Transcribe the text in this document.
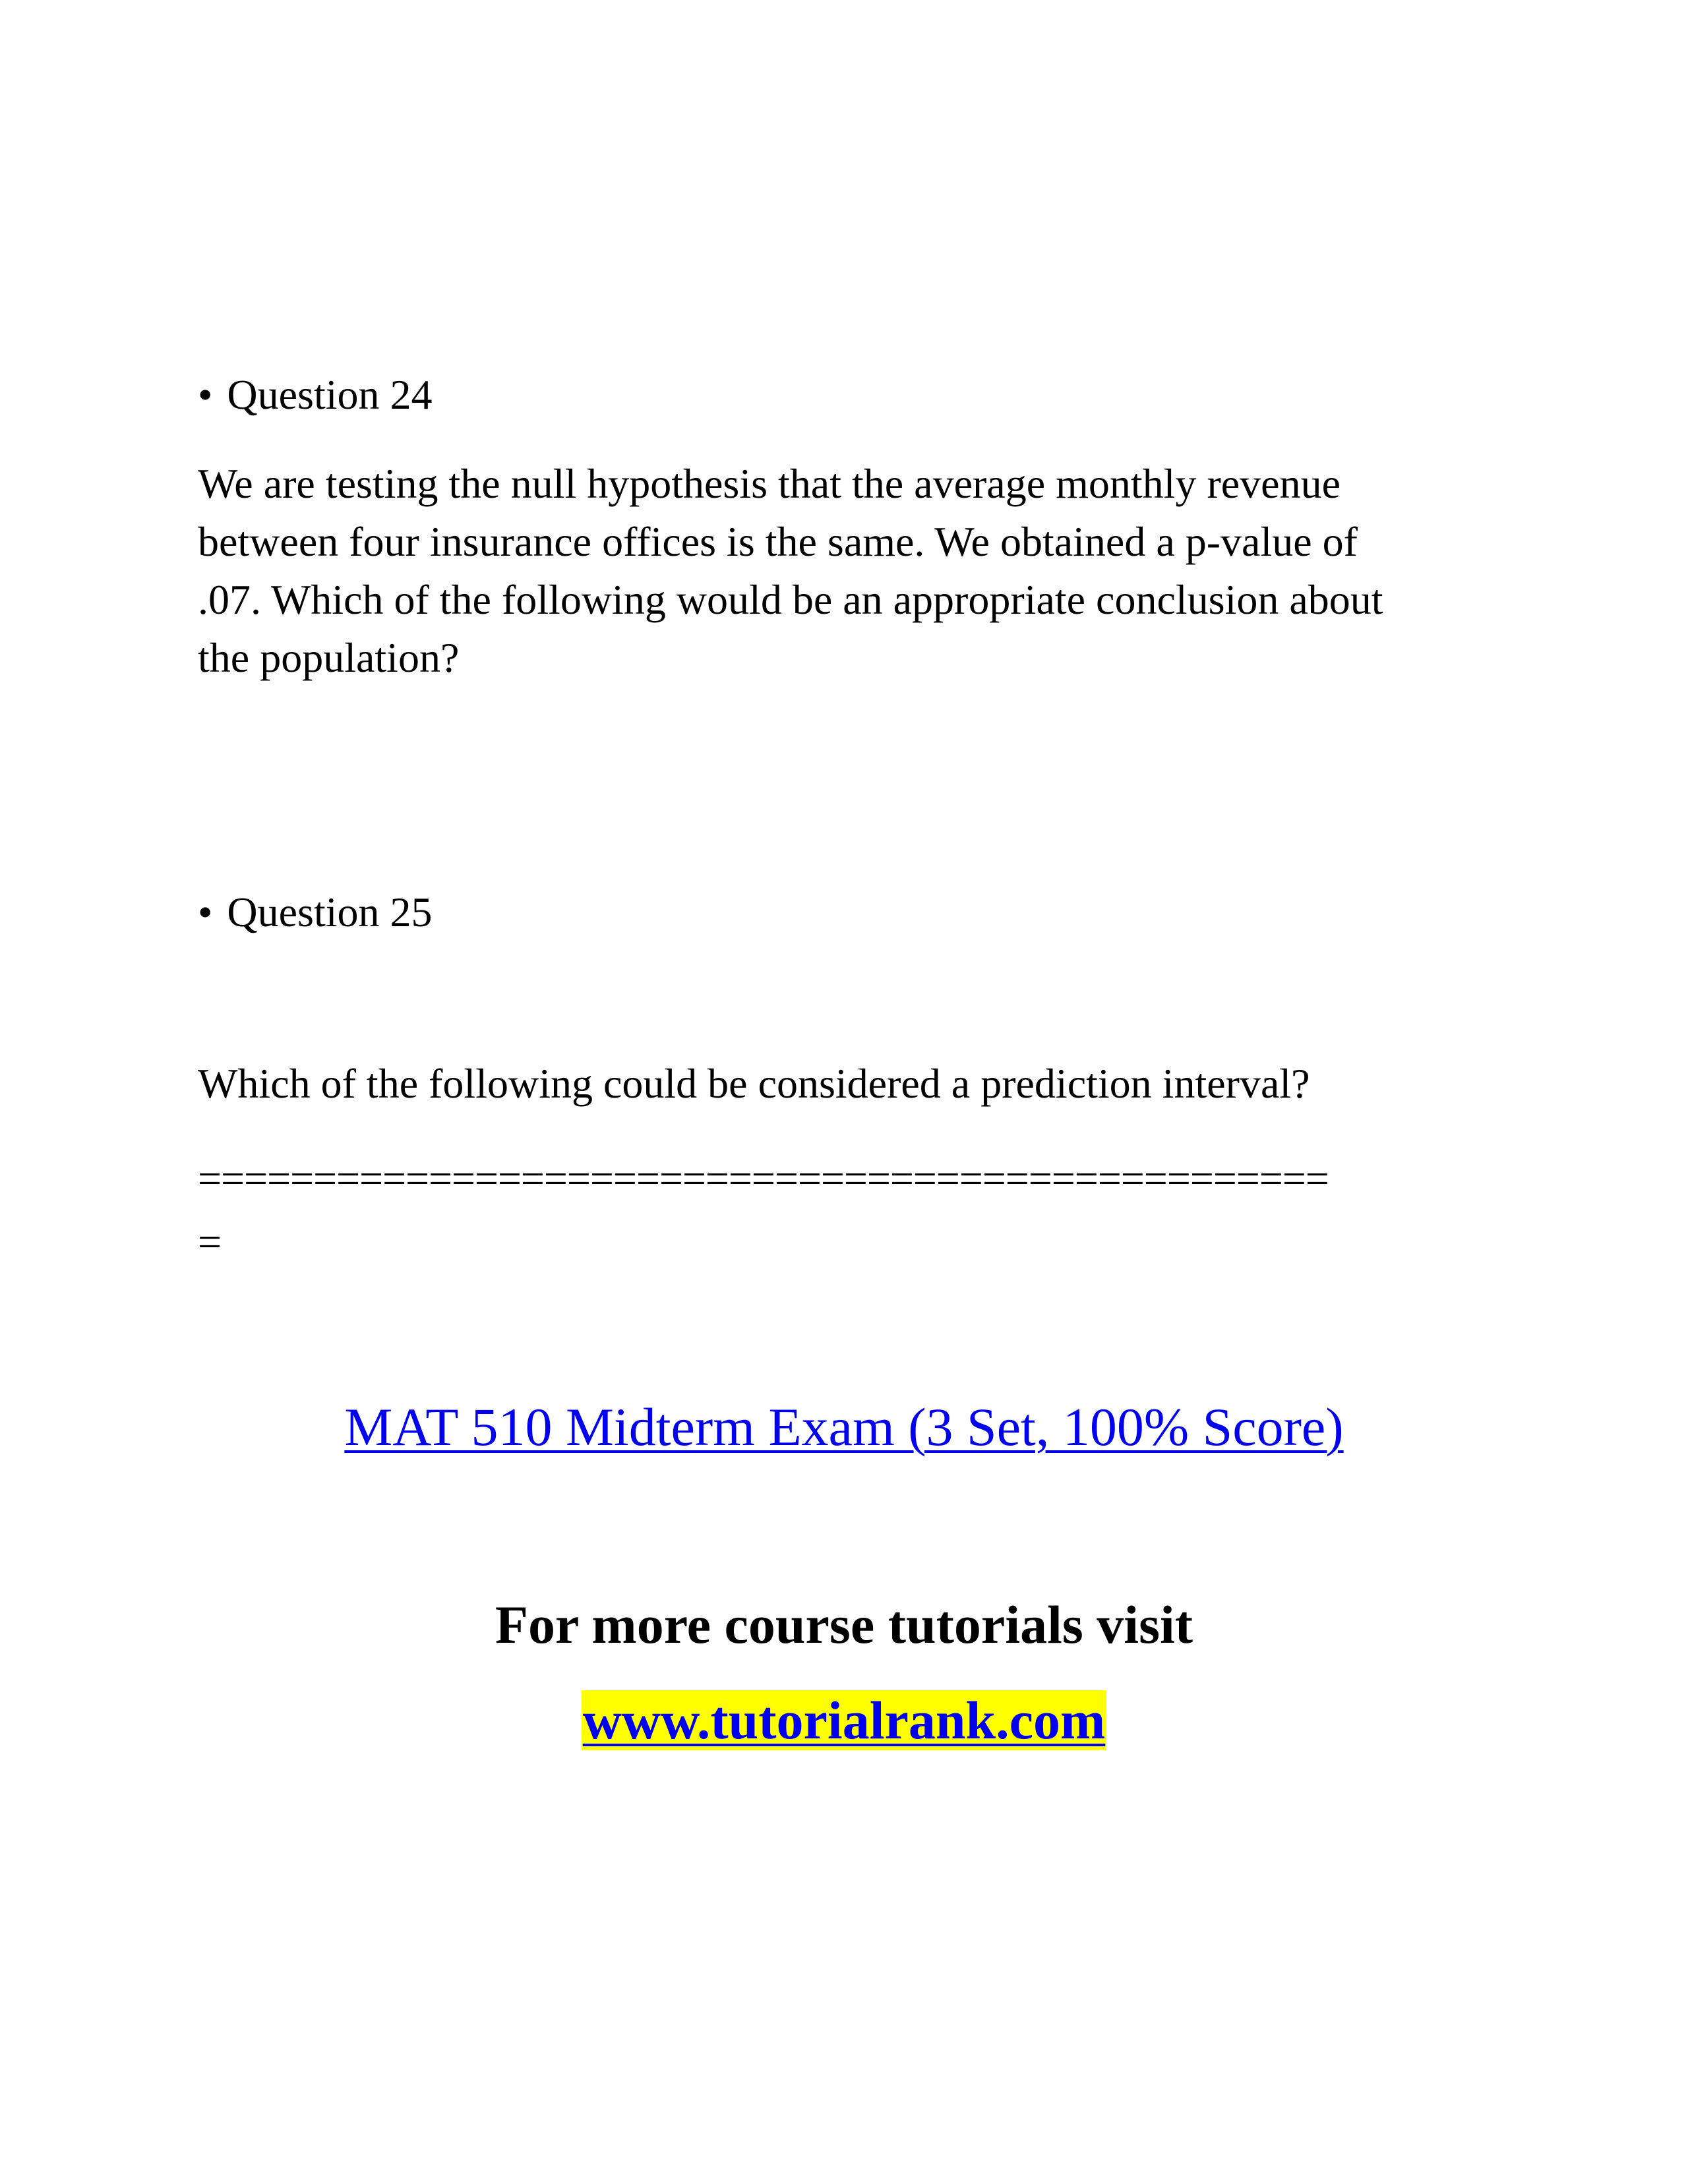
• Question 24
We are testing the null hypothesis that the average monthly revenue
between four insurance offices is the same. We obtained a p-value of
.07. Which of the following would be an appropriate conclusion about
the population?
• Question 25
Which of the following could be considered a prediction interval?
=================================================
=
MAT 510 Midterm Exam (3 Set, 100% Score)
For more course tutorials visit
www.tutorialrank.com
